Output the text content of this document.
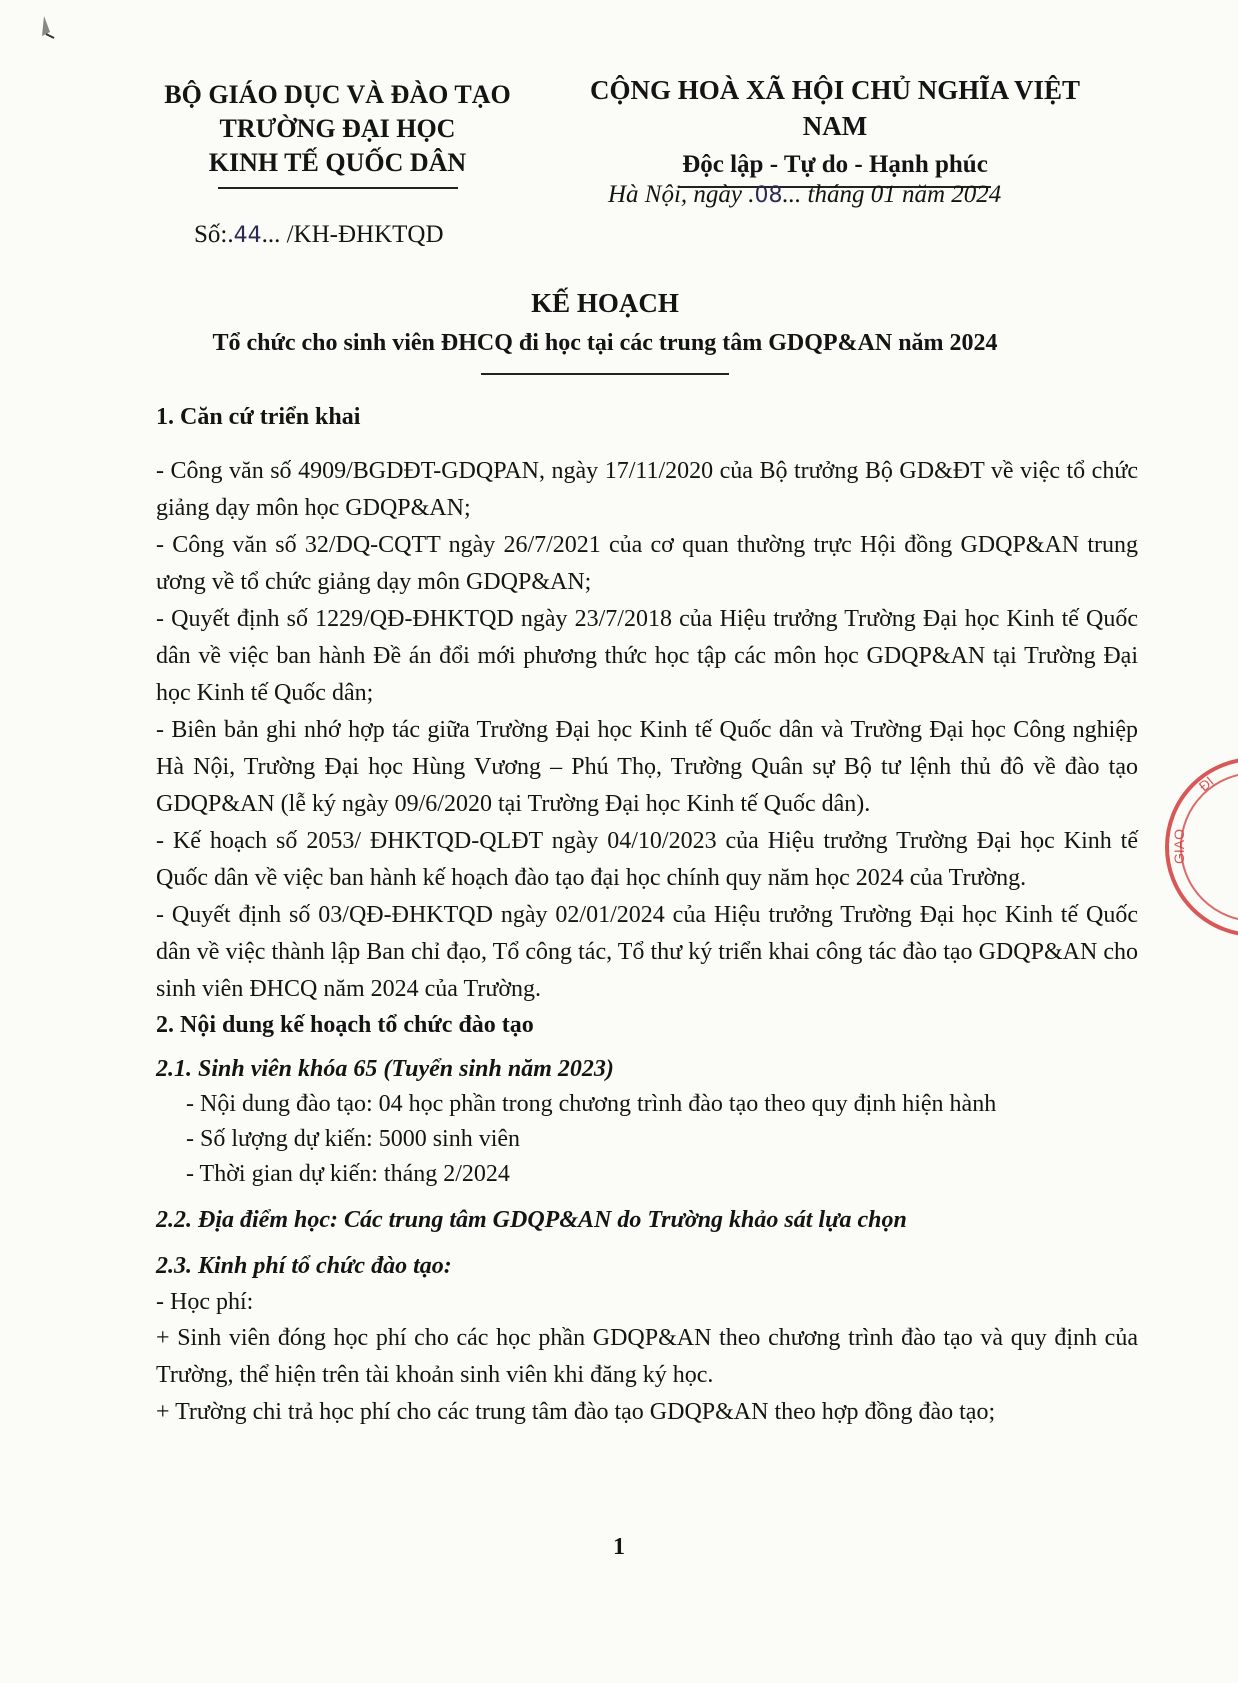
BỘ GIÁO DỤC VÀ ĐÀO TẠO
TRƯỜNG ĐẠI HỌC
KINH TẾ QUỐC DÂN
CỘNG HOÀ XÃ HỘI CHỦ NGHĨA VIỆT NAM
Độc lập - Tự do - Hạnh phúc
Hà Nội, ngày .08... tháng 01 năm 2024
Số:.44... /KH-ĐHKTQD
KẾ HOẠCH
Tổ chức cho sinh viên ĐHCQ đi học tại các trung tâm GDQP&AN năm 2024
1. Căn cứ triển khai
- Công văn số 4909/BGDĐT-GDQPAN, ngày 17/11/2020 của Bộ trưởng Bộ GD&ĐT về việc tổ chức giảng dạy môn học GDQP&AN;
- Công văn số 32/DQ-CQTT ngày 26/7/2021 của cơ quan thường trực Hội đồng GDQP&AN trung ương về tổ chức giảng dạy môn GDQP&AN;
- Quyết định số 1229/QĐ-ĐHKTQD ngày 23/7/2018 của Hiệu trưởng Trường Đại học Kinh tế Quốc dân về việc ban hành Đề án đổi mới phương thức học tập các môn học GDQP&AN tại Trường Đại học Kinh tế Quốc dân;
- Biên bản ghi nhớ hợp tác giữa Trường Đại học Kinh tế Quốc dân và Trường Đại học Công nghiệp Hà Nội, Trường Đại học Hùng Vương – Phú Thọ, Trường Quân sự Bộ tư lệnh thủ đô về đào tạo GDQP&AN (lễ ký ngày 09/6/2020 tại Trường Đại học Kinh tế Quốc dân).
- Kế hoạch số 2053/ ĐHKTQD-QLĐT ngày 04/10/2023 của Hiệu trưởng Trường Đại học Kinh tế Quốc dân về việc ban hành kế hoạch đào tạo đại học chính quy năm học 2024 của Trường.
- Quyết định số 03/QĐ-ĐHKTQD ngày 02/01/2024 của Hiệu trưởng Trường Đại học Kinh tế Quốc dân về việc thành lập Ban chỉ đạo, Tổ công tác, Tổ thư ký triển khai công tác đào tạo GDQP&AN cho sinh viên ĐHCQ năm 2024 của Trường.
2. Nội dung kế hoạch tổ chức đào tạo
2.1. Sinh viên khóa 65 (Tuyển sinh năm 2023)
- Nội dung đào tạo: 04 học phần trong chương trình đào tạo theo quy định hiện hành
- Số lượng dự kiến: 5000 sinh viên
- Thời gian dự kiến: tháng 2/2024
2.2. Địa điểm học: Các trung tâm GDQP&AN do Trường khảo sát lựa chọn
2.3. Kinh phí tổ chức đào tạo:
- Học phí:
+ Sinh viên đóng học phí cho các học phần GDQP&AN theo chương trình đào tạo và quy định của Trường, thể hiện trên tài khoản sinh viên khi đăng ký học.
+ Trường chi trả học phí cho các trung tâm đào tạo GDQP&AN theo hợp đồng đào tạo;
1
GIAO
ĐỊ
